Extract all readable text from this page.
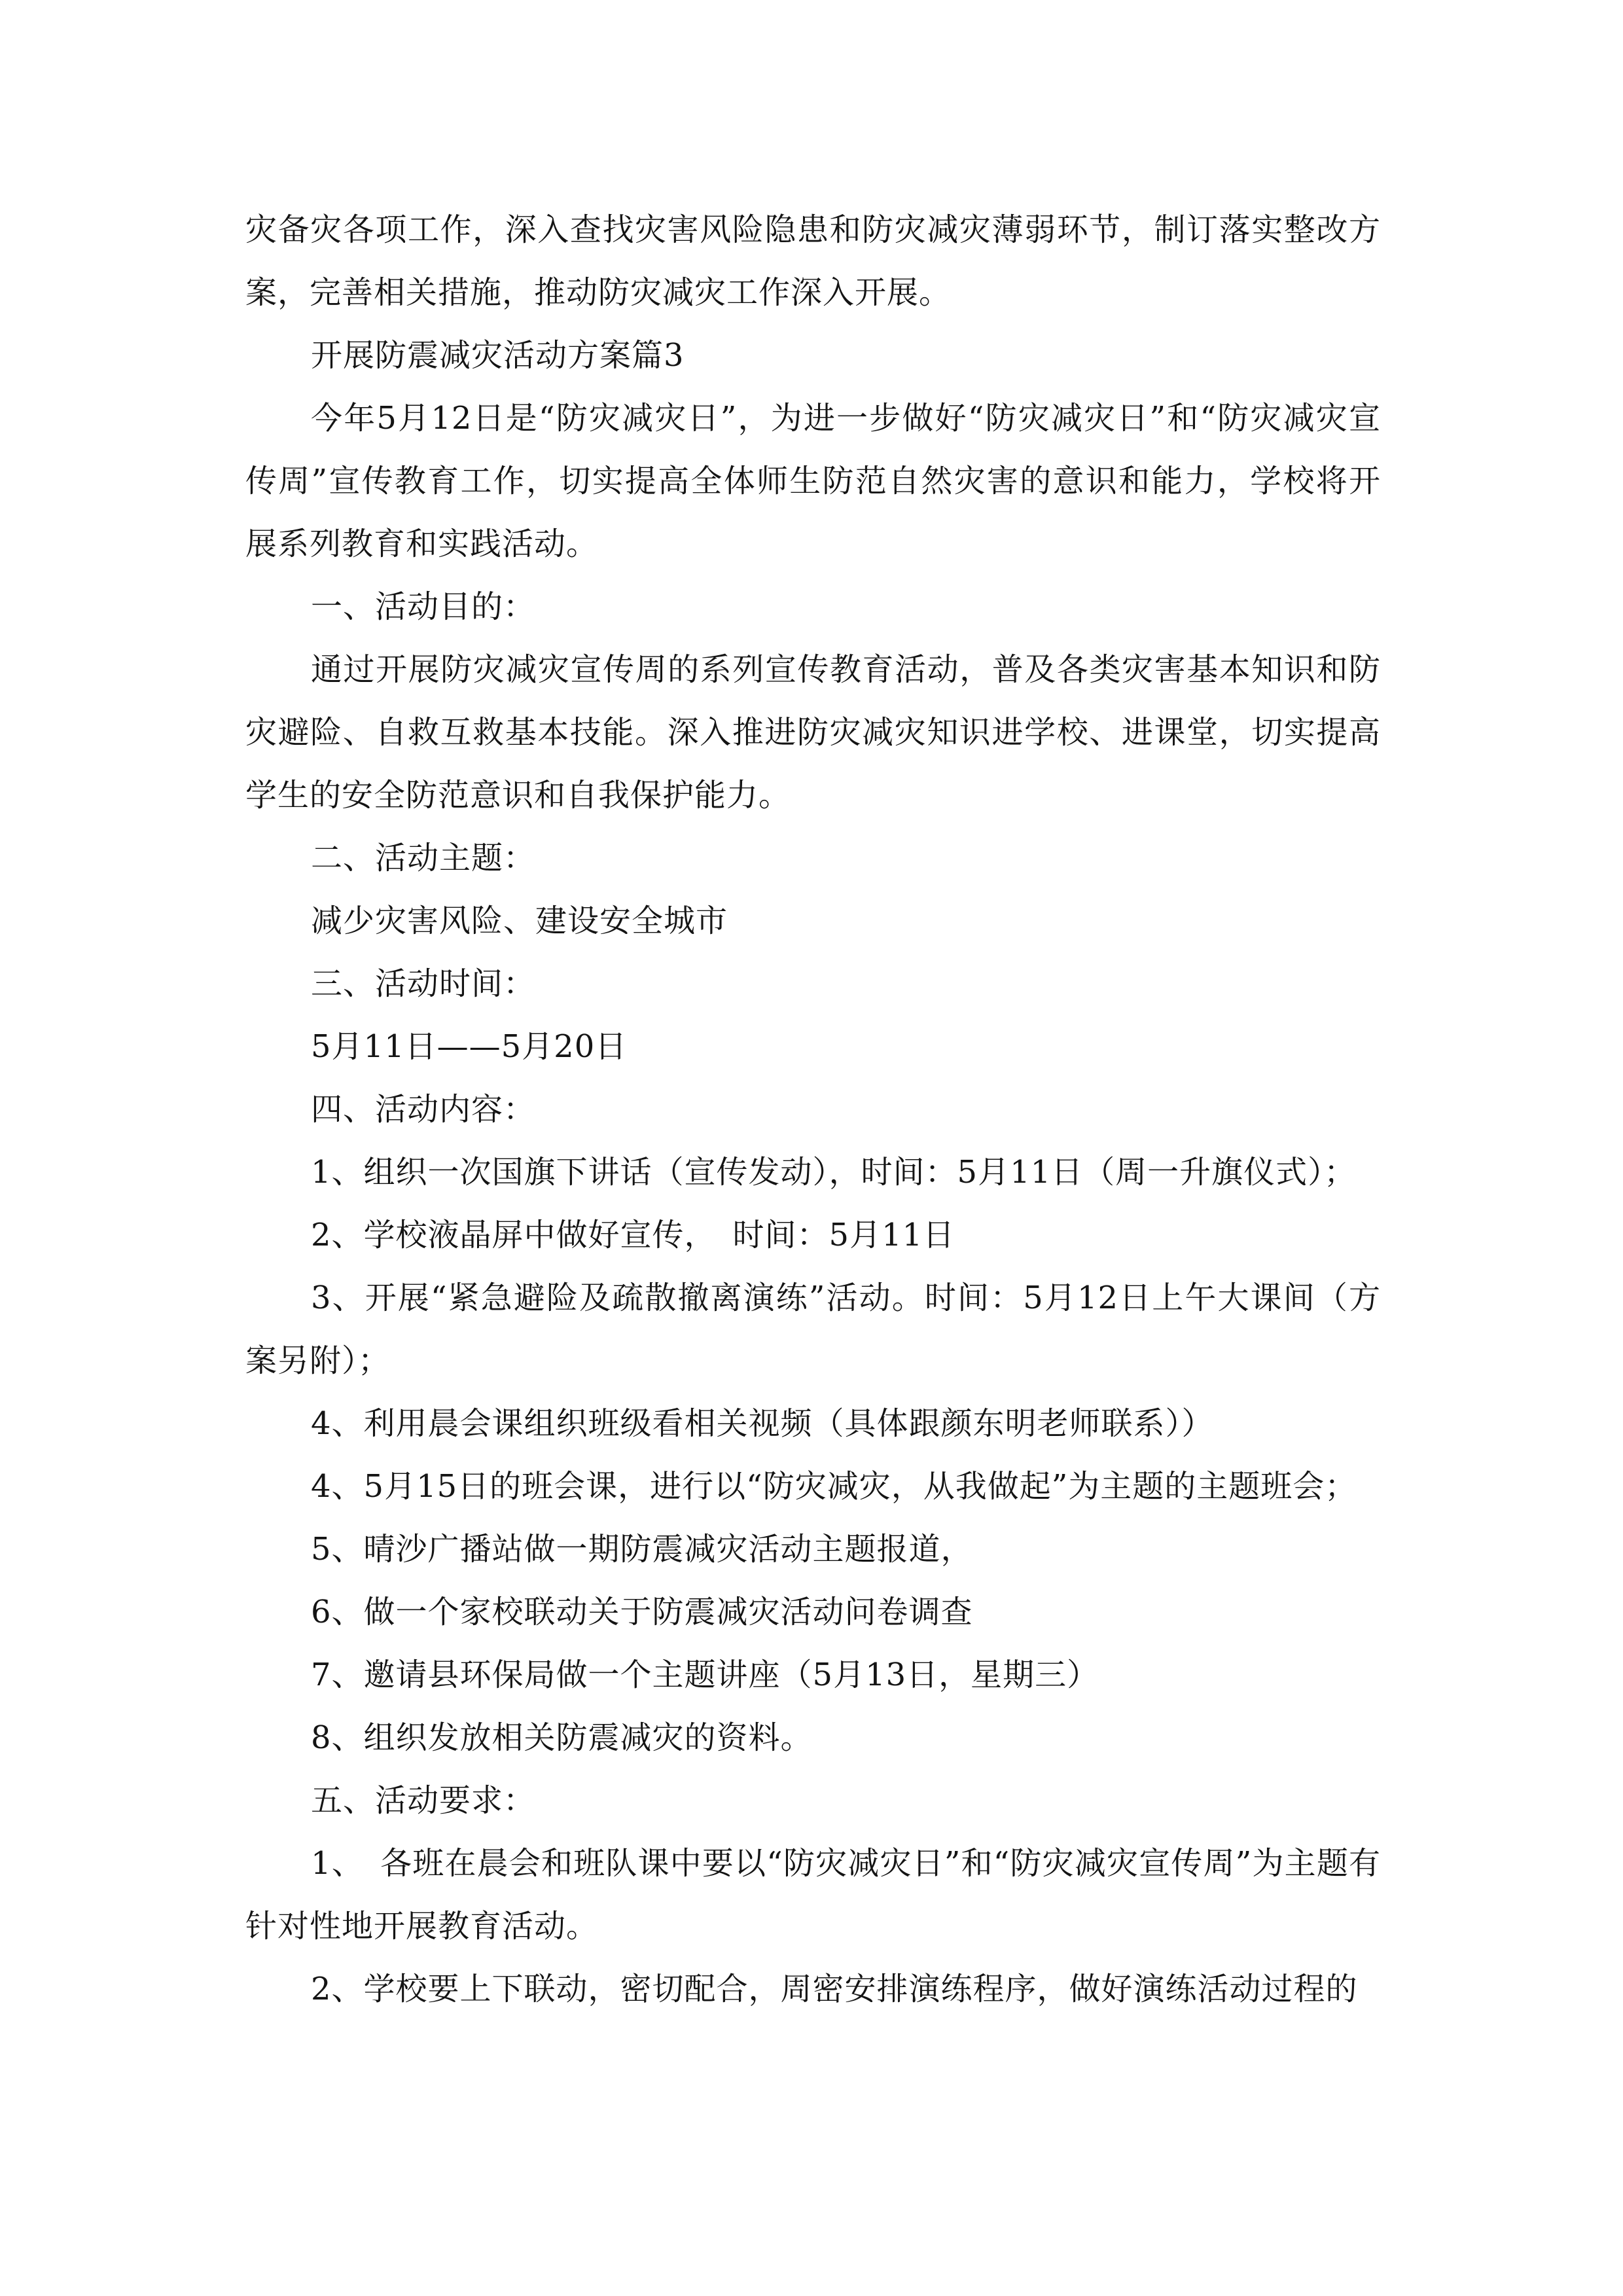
灾备灾各项工作，深入查找灾害风险隐患和防灾减灾薄弱环节，制订落实整改方案，完善相关措施，推动防灾减灾工作深入开展。

开展防震减灾活动方案篇3

今年5月12日是“防灾减灾日”，为进一步做好“防灾减灾日”和“防灾减灾宣传周”宣传教育工作，切实提高全体师生防范自然灾害的意识和能力，学校将开展系列教育和实践活动。

一、活动目的：

通过开展防灾减灾宣传周的系列宣传教育活动，普及各类灾害基本知识和防灾避险、自救互救基本技能。深入推进防灾减灾知识进学校、进课堂，切实提高学生的安全防范意识和自我保护能力。

二、活动主题：

减少灾害风险、建设安全城市

三、活动时间：

5月11日——5月20日

四、活动内容：

1、组织一次国旗下讲话（宣传发动），时间：5月11日（周一升旗仪式）；

2、学校液晶屏中做好宣传，　时间：5月11日

3、开展“紧急避险及疏散撤离演练”活动。时间：5月12日上午大课间（方案另附）；

4、利用晨会课组织班级看相关视频（具体跟颜东明老师联系））

4、5月15日的班会课，进行以“防灾减灾，从我做起”为主题的主题班会；

5、晴沙广播站做一期防震减灾活动主题报道，

6、做一个家校联动关于防震减灾活动问卷调查

7、邀请县环保局做一个主题讲座（5月13日，星期三）

8、组织发放相关防震减灾的资料。

五、活动要求：

1、　各班在晨会和班队课中要以“防灾减灾日”和“防灾减灾宣传周”为主题有针对性地开展教育活动。

2、学校要上下联动，密切配合，周密安排演练程序，做好演练活动过程的
